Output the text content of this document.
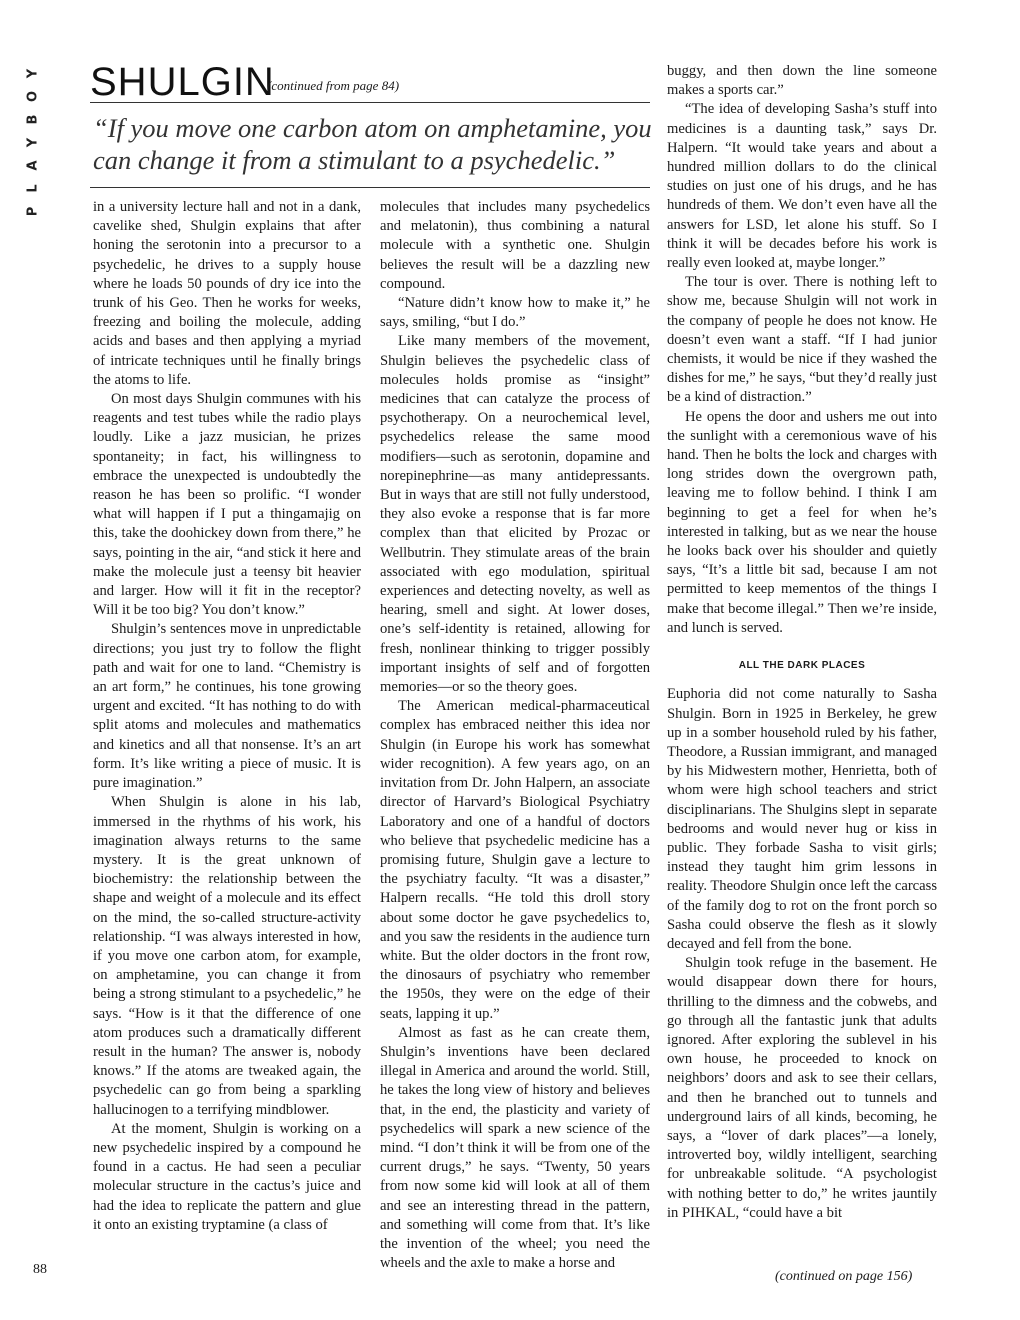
Y
O
B
Y
A
L
P
SHULGIN
(continued from page 84)
“If you move one carbon atom on amphetamine, you
can change it from a stimulant to a psychedelic.”

in a university lecture hall and not in a dank, cavelike shed, Shulgin explains that after honing the serotonin into a precursor to a psychedelic, he drives to a supply house where he loads 50 pounds of dry ice into the trunk of his Geo. Then he works for weeks, freezing and boiling the molecule, adding acids and bases and then applying a myriad of intricate techniques until he finally brings the atoms to life.

On most days Shulgin communes with his reagents and test tubes while the radio plays loudly. Like a jazz musician, he prizes spontaneity; in fact, his willingness to embrace the unexpected is undoubtedly the reason he has been so prolific. “I wonder what will happen if I put a thingamajig on this, take the doohickey down from there,” he says, pointing in the air, “and stick it here and make the molecule just a teensy bit heavier and larger. How will it fit in the receptor? Will it be too big? You don’t know.”

Shulgin’s sentences move in unpredictable directions; you just try to follow the flight path and wait for one to land. “Chemistry is an art form,” he continues, his tone growing urgent and excited. “It has nothing to do with split atoms and molecules and mathematics and kinetics and all that nonsense. It’s an art form. It’s like writing a piece of music. It is pure imagination.”

When Shulgin is alone in his lab, immersed in the rhythms of his work, his imagination always returns to the same mystery. It is the great unknown of biochemistry: the relationship between the shape and weight of a molecule and its effect on the mind, the so-called structure-activity relationship. “I was always interested in how, if you move one carbon atom, for example, on amphetamine, you can change it from being a strong stimulant to a psychedelic,” he says. “How is it that the difference of one atom produces such a dramatically different result in the human? The answer is, nobody knows.” If the atoms are tweaked again, the psychedelic can go from being a sparkling hallucinogen to a terrifying mindblower.

At the moment, Shulgin is working on a new psychedelic inspired by a compound he found in a cactus. He had seen a peculiar molecular structure in the cactus’s juice and had the idea to replicate the pattern and glue it onto an existing tryptamine (a class of

molecules that includes many psychedelics and melatonin), thus combining a natural molecule with a synthetic one. Shulgin believes the result will be a dazzling new compound.

“Nature didn’t know how to make it,” he says, smiling, “but I do.”

Like many members of the movement, Shulgin believes the psychedelic class of molecules holds promise as “insight” medicines that can catalyze the process of psychotherapy. On a neurochemical level, psychedelics release the same mood modifiers—such as serotonin, dopamine and norepinephrine—as many antidepressants. But in ways that are still not fully understood, they also evoke a response that is far more complex than that elicited by Prozac or Wellbutrin. They stimulate areas of the brain associated with ego modulation, spiritual experiences and detecting novelty, as well as hearing, smell and sight. At lower doses, one’s self-identity is retained, allowing for fresh, nonlinear thinking to trigger possibly important insights of self and of forgotten memories—or so the theory goes.

The American medical-pharmaceutical complex has embraced neither this idea nor Shulgin (in Europe his work has somewhat wider recognition). A few years ago, on an invitation from Dr. John Halpern, an associate director of Harvard’s Biological Psychiatry Laboratory and one of a handful of doctors who believe that psychedelic medicine has a promising future, Shulgin gave a lecture to the psychiatry faculty. “It was a disaster,” Halpern recalls. “He told this droll story about some doctor he gave psychedelics to, and you saw the residents in the audience turn white. But the older doctors in the front row, the dinosaurs of psychiatry who remember the 1950s, they were on the edge of their seats, lapping it up.”

Almost as fast as he can create them, Shulgin’s inventions have been declared illegal in America and around the world. Still, he takes the long view of history and believes that, in the end, the plasticity and variety of psychedelics will spark a new science of the mind. “I don’t think it will be from one of the current drugs,” he says. “Twenty, 50 years from now some kid will look at all of them and see an interesting thread in the pattern, and something will come from that. It’s like the invention of the wheel; you need the wheels and the axle to make a horse and

buggy, and then down the line someone makes a sports car.”

“The idea of developing Sasha’s stuff into medicines is a daunting task,” says Dr. Halpern. “It would take years and about a hundred million dollars to do the clinical studies on just one of his drugs, and he has hundreds of them. We don’t even have all the answers for LSD, let alone his stuff. So I think it will be decades before his work is really even looked at, maybe longer.”

The tour is over. There is nothing left to show me, because Shulgin will not work in the company of people he does not know. He doesn’t even want a staff. “If I had junior chemists, it would be nice if they washed the dishes for me,” he says, “but they’d really just be a kind of distraction.”

He opens the door and ushers me out into the sunlight with a ceremonious wave of his hand. Then he bolts the lock and charges with long strides down the overgrown path, leaving me to follow behind. I think I am beginning to get a feel for when he’s interested in talking, but as we near the house he looks back over his shoulder and quietly says, “It’s a little bit sad, because I am not permitted to keep mementos of the things I make that become illegal.” Then we’re inside, and lunch is served.

ALL THE DARK PLACES

Euphoria did not come naturally to Sasha Shulgin. Born in 1925 in Berkeley, he grew up in a somber household ruled by his father, Theodore, a Russian immigrant, and managed by his Midwestern mother, Henrietta, both of whom were high school teachers and strict disciplinarians. The Shulgins slept in separate bedrooms and would never hug or kiss in public. They forbade Sasha to visit girls; instead they taught him grim lessons in reality. Theodore Shulgin once left the carcass of the family dog to rot on the front porch so Sasha could observe the flesh as it slowly decayed and fell from the bone.

Shulgin took refuge in the basement. He would disappear down there for hours, thrilling to the dimness and the cobwebs, and go through all the fantastic junk that adults ignored. After exploring the sublevel in his own house, he proceeded to knock on neighbors’ doors and ask to see their cellars, and then he branched out to tunnels and underground lairs of all kinds, becoming, he says, a “lover of dark places”—a lonely, introverted boy, wildly intelligent, searching for unbreakable solitude. “A psychologist with nothing better to do,” he writes jauntily in PIHKAL, “could have a bit

(continued on page 156)
88
